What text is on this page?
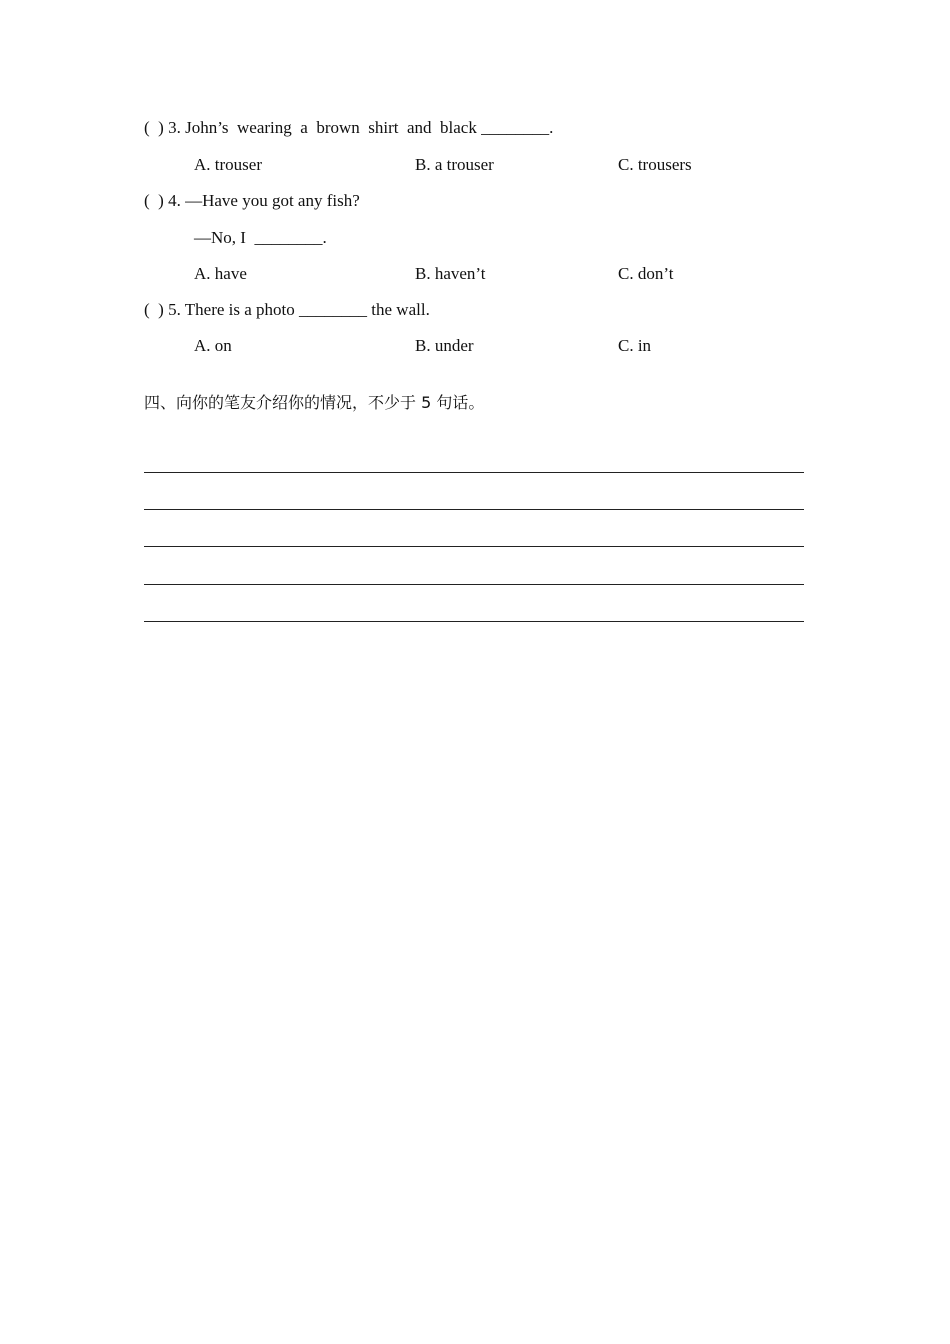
(  ) 3. John’s  wearing  a  brown  shirt  and  black ________.
A. trouser	B. a trouser	C. trousers
(  ) 4. —Have you got any fish?
—No, I  ________.
A. have	B. haven’t	C. don’t
(  ) 5. There is a photo ________ the wall.
A. on	B. under	C. in
四、向你的笔友介绍你的情况，不少于 5 句话。
